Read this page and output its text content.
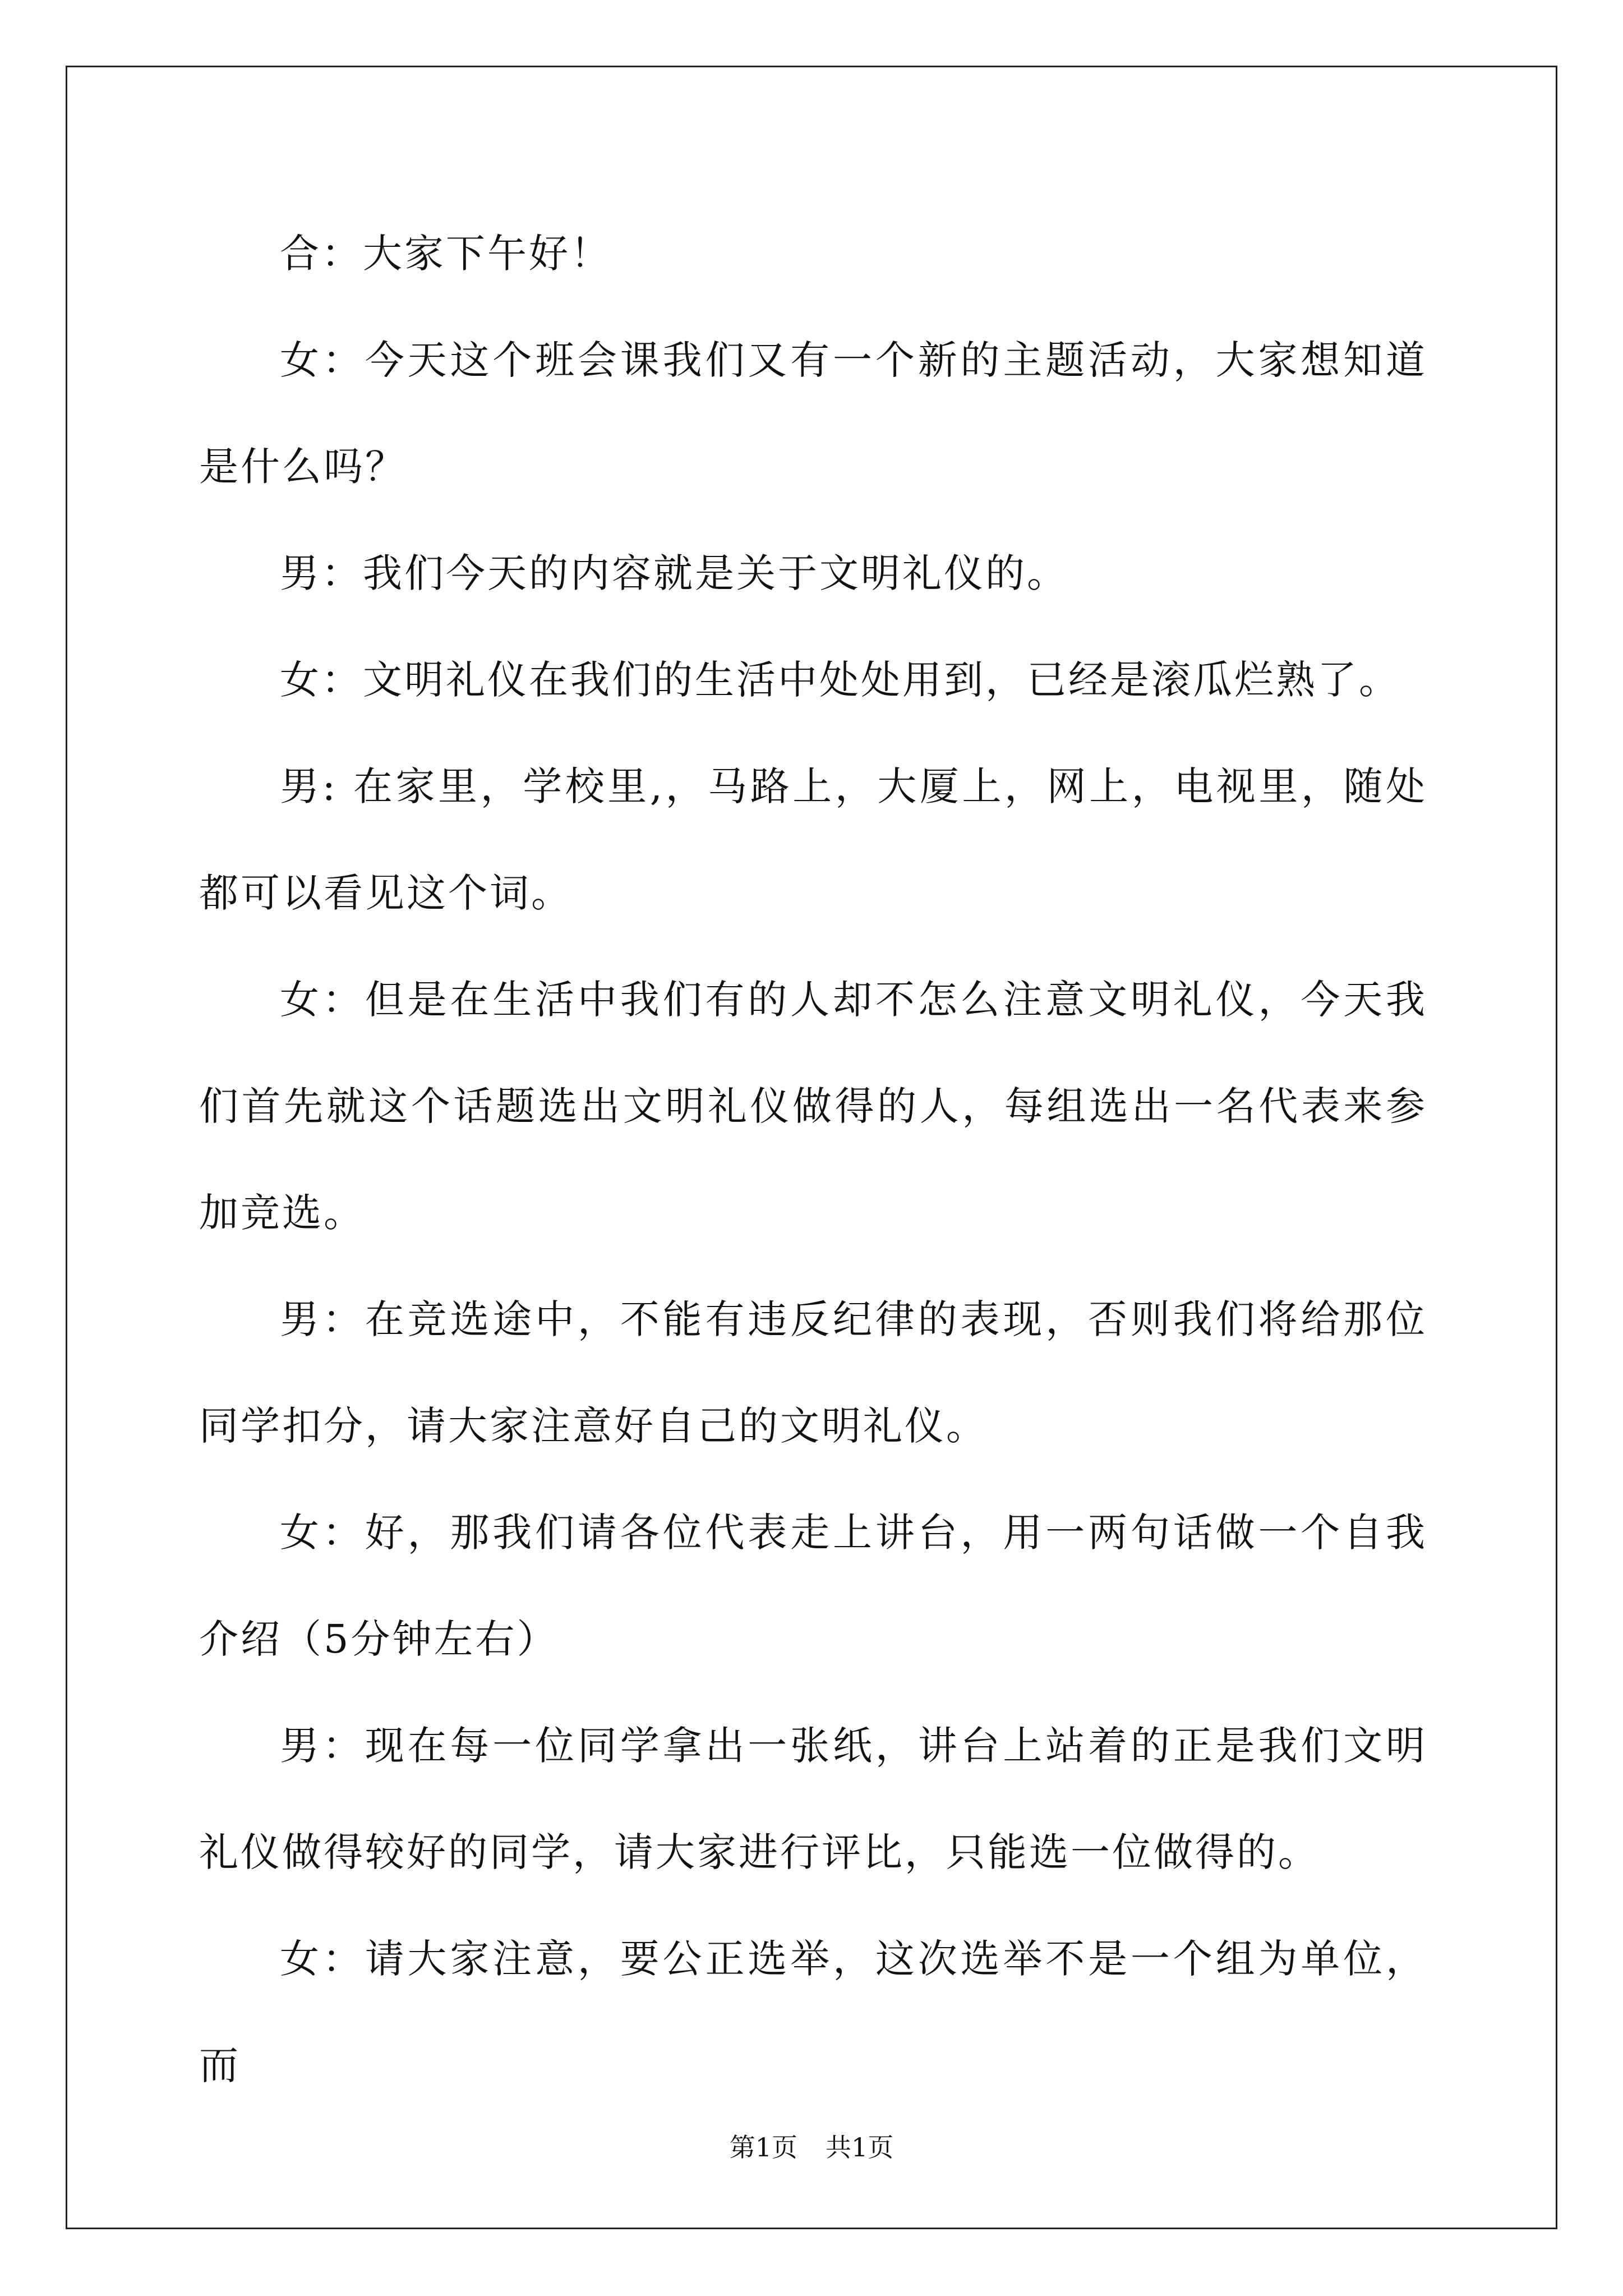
合：大家下午好！

女：今天这个班会课我们又有一个新的主题活动，大家想知道是什么吗？

男：我们今天的内容就是关于文明礼仪的。

女：文明礼仪在我们的生活中处处用到，已经是滚瓜烂熟了。

男: 在家里，学校里,，马路上，大厦上，网上，电视里，随处都可以看见这个词。

女：但是在生活中我们有的人却不怎么注意文明礼仪，今天我们首先就这个话题选出文明礼仪做得的人，每组选出一名代表来参加竞选。

男：在竞选途中，不能有违反纪律的表现，否则我们将给那位同学扣分，请大家注意好自己的文明礼仪。

女：好，那我们请各位代表走上讲台，用一两句话做一个自我介绍（5分钟左右）

男：现在每一位同学拿出一张纸，讲台上站着的正是我们文明礼仪做得较好的同学，请大家进行评比，只能选一位做得的。

女：请大家注意，要公正选举，这次选举不是一个组为单位，而

第1页 共1页
